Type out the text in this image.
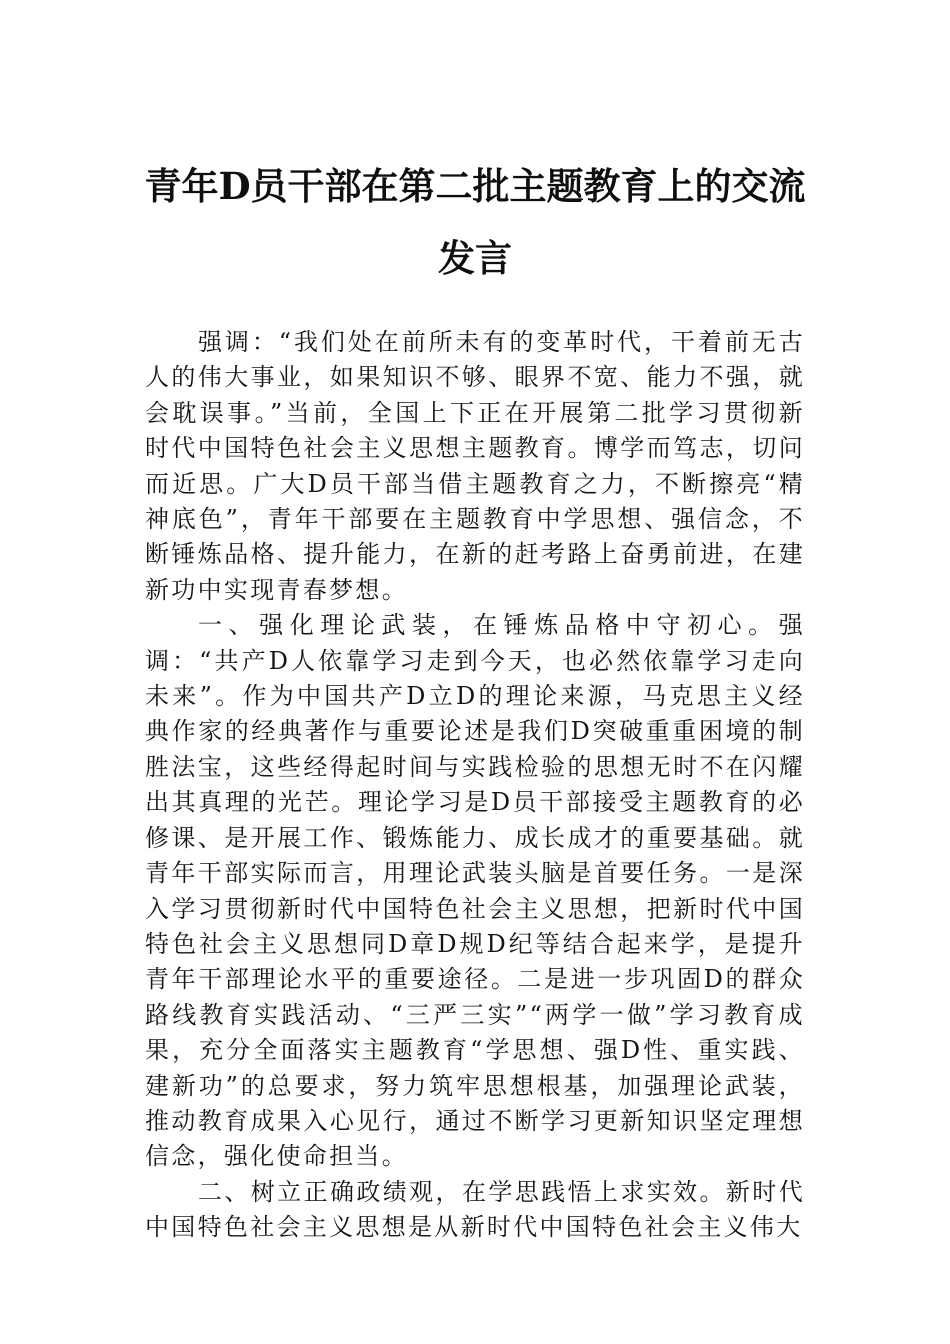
青年D员干部在第二批主题教育上的交流
发言

强调：“我们处在前所未有的变革时代，干着前无古人的伟大事业，如果知识不够、眼界不宽、能力不强，就会耽误事。”当前，全国上下正在开展第二批学习贯彻新时代中国特色社会主义思想主题教育。博学而笃志，切问而近思。广大D员干部当借主题教育之力，不断擦亮“精神底色”，青年干部要在主题教育中学思想、强信念，不断锤炼品格、提升能力，在新的赶考路上奋勇前进，在建新功中实现青春梦想。

一、强化理论武装，在锤炼品格中守初心。强调：“共产D人依靠学习走到今天，也必然依靠学习走向未来”。作为中国共产D立D的理论来源，马克思主义经典作家的经典著作与重要论述是我们D突破重重困境的制胜法宝，这些经得起时间与实践检验的思想无时不在闪耀出其真理的光芒。理论学习是D员干部接受主题教育的必修课、是开展工作、锻炼能力、成长成才的重要基础。就青年干部实际而言，用理论武装头脑是首要任务。一是深入学习贯彻新时代中国特色社会主义思想，把新时代中国特色社会主义思想同D章D规D纪等结合起来学，是提升青年干部理论水平的重要途径。二是进一步巩固D的群众路线教育实践活动、“三严三实”“两学一做”学习教育成果，充分全面落实主题教育“学思想、强D性、重实践、建新功”的总要求，努力筑牢思想根基，加强理论武装，推动教育成果入心见行，通过不断学习更新知识坚定理想信念，强化使命担当。

二、树立正确政绩观，在学思践悟上求实效。新时代中国特色社会主义思想是从新时代中国特色社会主义伟大
